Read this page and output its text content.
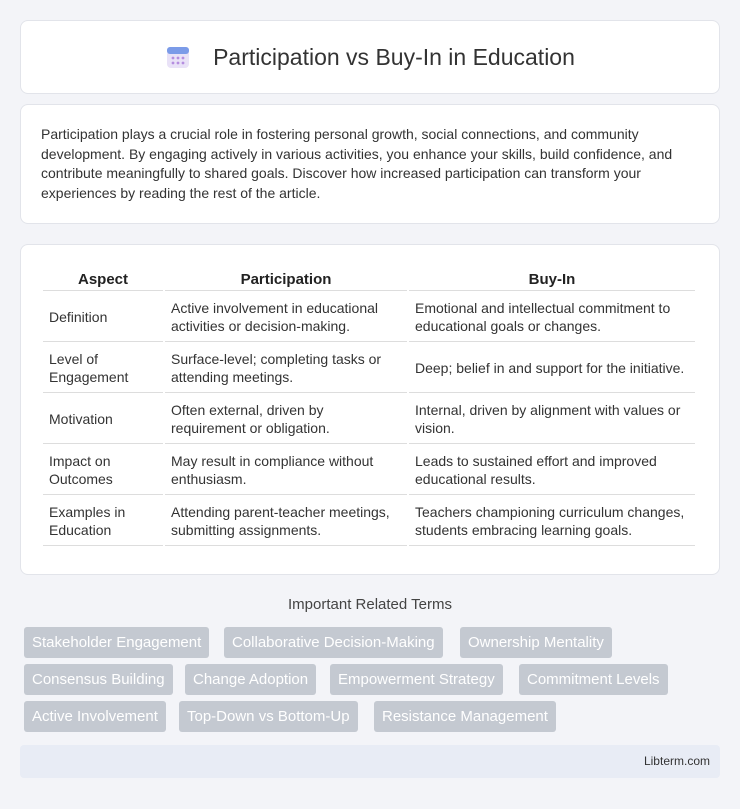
Participation vs Buy-In in Education

Participation plays a crucial role in fostering personal growth, social connections, and community development. By engaging actively in various activities, you enhance your skills, build confidence, and contribute meaningfully to shared goals. Discover how increased participation can transform your experiences by reading the rest of the article.

Aspect	Participation	Buy-In
Definition	Active involvement in educational activities or decision-making.	Emotional and intellectual commitment to educational goals or changes.
Level of Engagement	Surface-level; completing tasks or attending meetings.	Deep; belief in and support for the initiative.
Motivation	Often external, driven by requirement or obligation.	Internal, driven by alignment with values or vision.
Impact on Outcomes	May result in compliance without enthusiasm.	Leads to sustained effort and improved educational results.
Examples in Education	Attending parent-teacher meetings, submitting assignments.	Teachers championing curriculum changes, students embracing learning goals.
Important Related Terms
Stakeholder Engagement	Collaborative Decision-Making	Ownership Mentality
Consensus Building	Change Adoption	Empowerment Strategy	Commitment Levels
Active Involvement	Top-Down vs Bottom-Up	Resistance Management
Libterm.com
